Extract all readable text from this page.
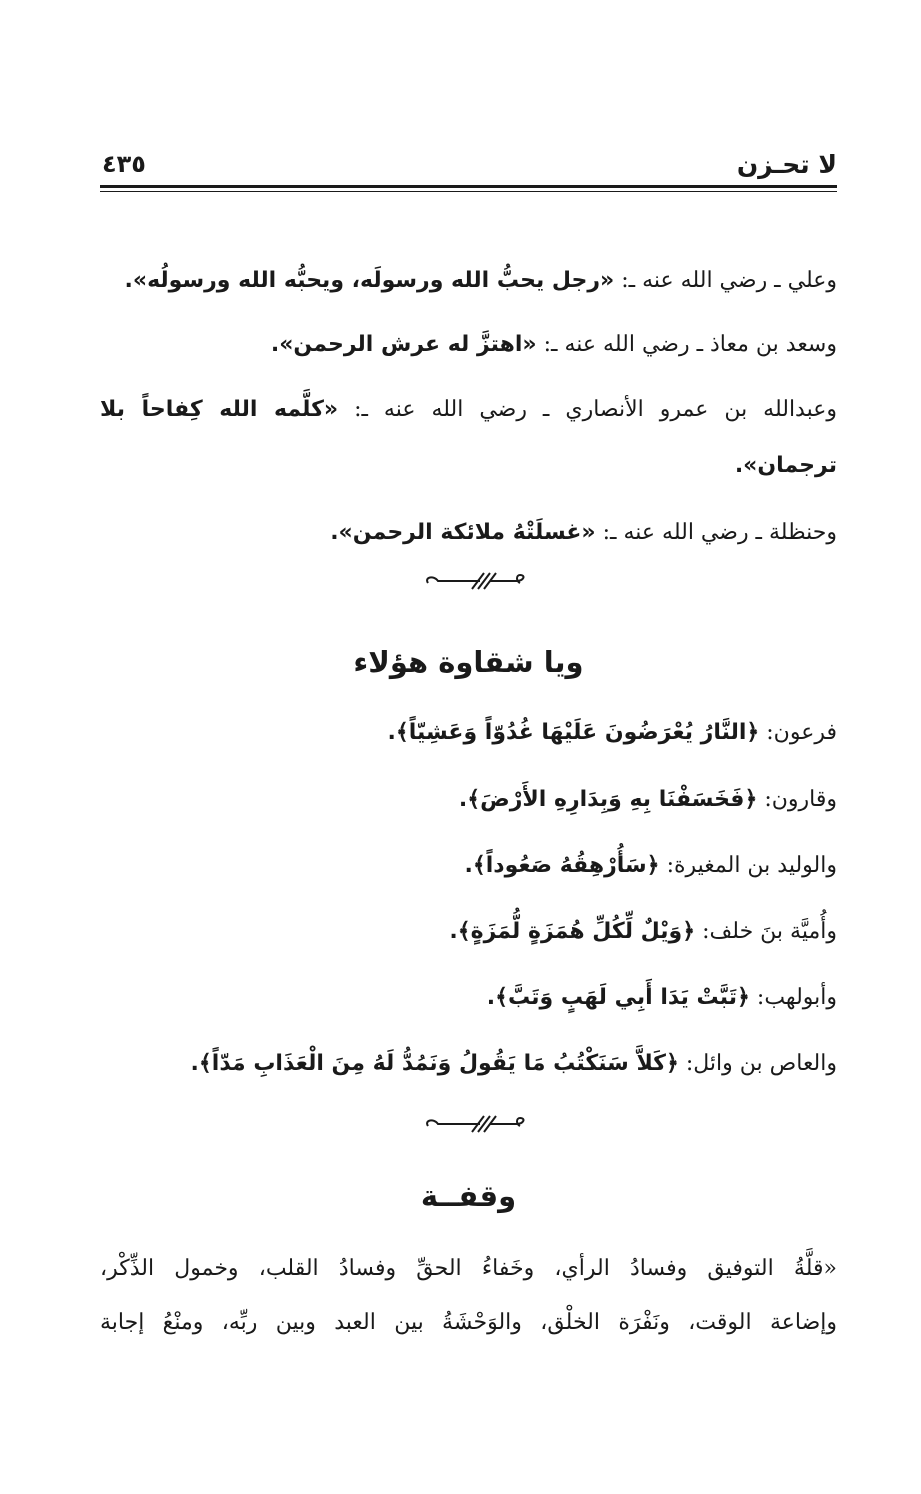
لا تحـزن
٤٣٥
وعلي ـ رضي الله عنه ـ: «رجل يحبُّ الله ورسولَه، ويحبُّه الله ورسولُه».
وسعد بن معاذ ـ رضي الله عنه ـ: «اهتزَّ له عرش الرحمن».
وعبدالله بن عمرو الأنصاري ـ رضي الله عنه ـ: «كلَّمه الله كِفاحاً بلا
ترجمان».
وحنظلة ـ رضي الله عنه ـ: «غسلَتْهُ ملائكة الرحمن».
ويا شقاوة هؤلاء
فرعون: ﴿النَّارُ يُعْرَضُونَ عَلَيْهَا غُدُوّاً وَعَشِيّاً﴾.
وقارون: ﴿فَخَسَفْنَا بِهِ وَبِدَارِهِ الأَرْضَ﴾.
والوليد بن المغيرة: ﴿سَأُرْهِقُهُ صَعُوداً﴾.
وأُميَّة بنَ خلف: ﴿وَيْلٌ لِّكُلِّ هُمَزَةٍ لُّمَزَةٍ﴾.
وأبولهب: ﴿تَبَّتْ يَدَا أَبِي لَهَبٍ وَتَبَّ﴾.
والعاص بن وائل: ﴿كَلاَّ سَنَكْتُبُ مَا يَقُولُ وَنَمُدُّ لَهُ مِنَ الْعَذَابِ مَدّاً﴾.
وقفــة
«قلَّةُ التوفيق وفسادُ الرأي، وخَفاءُ الحقِّ وفسادُ القلب، وخمول الذِّكْر،
وإضاعة الوقت، ونَفْرَة الخلْق، والوَحْشَةُ بين العبد وبين ربِّه، ومنْعُ إجابة
